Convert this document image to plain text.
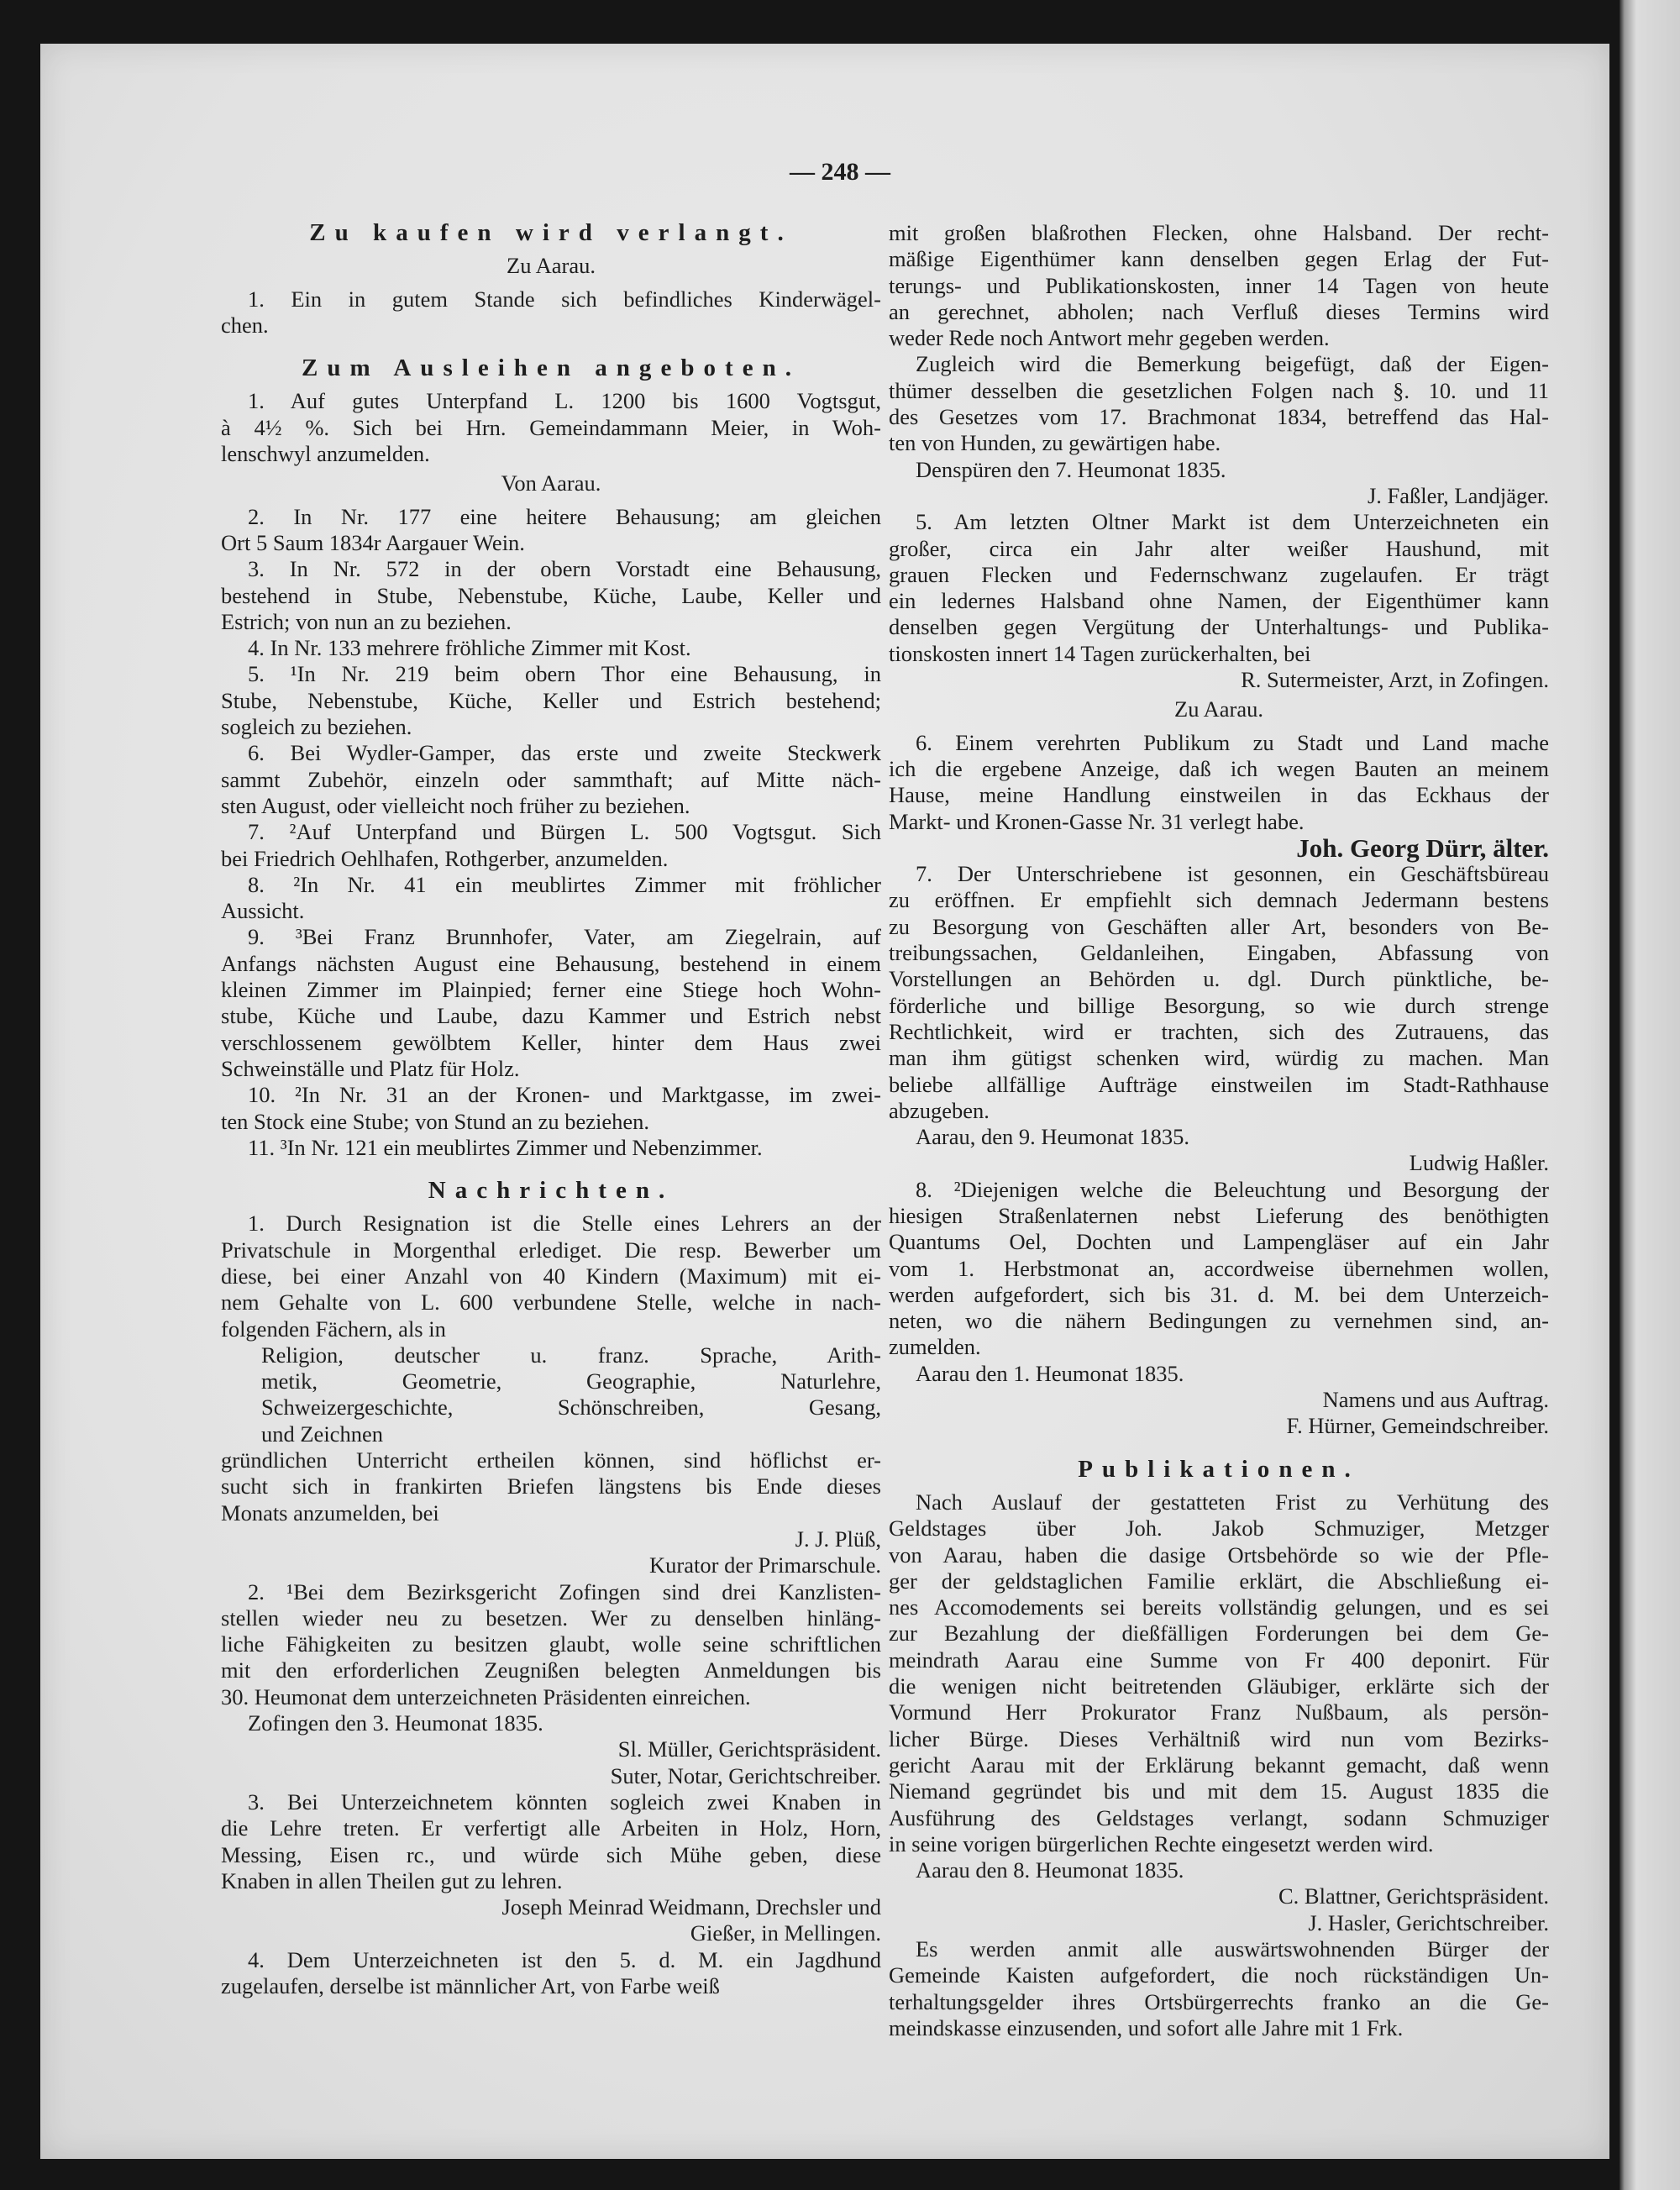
— 248 —
Zu kaufen wird verlangt.
Zu Aarau.
1. Ein in gutem Stande sich befindliches Kinderwägel-
chen.
Zum Ausleihen angeboten.
1. Auf gutes Unterpfand L. 1200 bis 1600 Vogtsgut,
à 4½ %. Sich bei Hrn. Gemeindammann Meier, in Woh-
lenschwyl anzumelden.
Von Aarau.
2. In Nr. 177 eine heitere Behausung; am gleichen
Ort 5 Saum 1834r Aargauer Wein.
3. In Nr. 572 in der obern Vorstadt eine Behausung,
bestehend in Stube, Nebenstube, Küche, Laube, Keller und
Estrich; von nun an zu beziehen.
4. In Nr. 133 mehrere fröhliche Zimmer mit Kost.
5. ¹In Nr. 219 beim obern Thor eine Behausung, in
Stube, Nebenstube, Küche, Keller und Estrich bestehend;
sogleich zu beziehen.
6. Bei Wydler-Gamper, das erste und zweite Steckwerk
sammt Zubehör, einzeln oder sammthaft; auf Mitte näch-
sten August, oder vielleicht noch früher zu beziehen.
7. ²Auf Unterpfand und Bürgen L. 500 Vogtsgut. Sich
bei Friedrich Oehlhafen, Rothgerber, anzumelden.
8. ²In Nr. 41 ein meublirtes Zimmer mit fröhlicher
Aussicht.
9. ³Bei Franz Brunnhofer, Vater, am Ziegelrain, auf
Anfangs nächsten August eine Behausung, bestehend in einem
kleinen Zimmer im Plainpied; ferner eine Stiege hoch Wohn-
stube, Küche und Laube, dazu Kammer und Estrich nebst
verschlossenem gewölbtem Keller, hinter dem Haus zwei
Schweinställe und Platz für Holz.
10. ²In Nr. 31 an der Kronen- und Marktgasse, im zwei-
ten Stock eine Stube; von Stund an zu beziehen.
11. ³In Nr. 121 ein meublirtes Zimmer und Nebenzimmer.
Nachrichten.
1. Durch Resignation ist die Stelle eines Lehrers an der
Privatschule in Morgenthal erlediget. Die resp. Bewerber um
diese, bei einer Anzahl von 40 Kindern (Maximum) mit ei-
nem Gehalte von L. 600 verbundene Stelle, welche in nach-
folgenden Fächern, als in
Religion, deutscher u. franz. Sprache, Arith-
metik, Geometrie, Geographie, Naturlehre,
Schweizergeschichte, Schönschreiben, Gesang,
und Zeichnen
gründlichen Unterricht ertheilen können, sind höflichst er-
sucht sich in frankirten Briefen längstens bis Ende dieses
Monats anzumelden, bei
J. J. Plüß,
Kurator der Primarschule.
2. ¹Bei dem Bezirksgericht Zofingen sind drei Kanzlisten-
stellen wieder neu zu besetzen. Wer zu denselben hinläng-
liche Fähigkeiten zu besitzen glaubt, wolle seine schriftlichen
mit den erforderlichen Zeugnißen belegten Anmeldungen bis
30. Heumonat dem unterzeichneten Präsidenten einreichen.
Zofingen den 3. Heumonat 1835.
Sl. Müller, Gerichtspräsident.
Suter, Notar, Gerichtschreiber.
3. Bei Unterzeichnetem könnten sogleich zwei Knaben in
die Lehre treten. Er verfertigt alle Arbeiten in Holz, Horn,
Messing, Eisen rc., und würde sich Mühe geben, diese
Knaben in allen Theilen gut zu lehren.
Joseph Meinrad Weidmann, Drechsler und
Gießer, in Mellingen.
4. Dem Unterzeichneten ist den 5. d. M. ein Jagdhund
zugelaufen, derselbe ist männlicher Art, von Farbe weiß
mit großen blaßrothen Flecken, ohne Halsband. Der recht-
mäßige Eigenthümer kann denselben gegen Erlag der Fut-
terungs- und Publikationskosten, inner 14 Tagen von heute
an gerechnet, abholen; nach Verfluß dieses Termins wird
weder Rede noch Antwort mehr gegeben werden.
Zugleich wird die Bemerkung beigefügt, daß der Eigen-
thümer desselben die gesetzlichen Folgen nach §. 10. und 11
des Gesetzes vom 17. Brachmonat 1834, betreffend das Hal-
ten von Hunden, zu gewärtigen habe.
Denspüren den 7. Heumonat 1835.
J. Faßler, Landjäger.
5. Am letzten Oltner Markt ist dem Unterzeichneten ein
großer, circa ein Jahr alter weißer Haushund, mit
grauen Flecken und Federnschwanz zugelaufen. Er trägt
ein ledernes Halsband ohne Namen, der Eigenthümer kann
denselben gegen Vergütung der Unterhaltungs- und Publika-
tionskosten innert 14 Tagen zurückerhalten, bei
R. Sutermeister, Arzt, in Zofingen.
Zu Aarau.
6. Einem verehrten Publikum zu Stadt und Land mache
ich die ergebene Anzeige, daß ich wegen Bauten an meinem
Hause, meine Handlung einstweilen in das Eckhaus der
Markt- und Kronen-Gasse Nr. 31 verlegt habe.
Joh. Georg Dürr, älter.
7. Der Unterschriebene ist gesonnen, ein Geschäftsbüreau
zu eröffnen. Er empfiehlt sich demnach Jedermann bestens
zu Besorgung von Geschäften aller Art, besonders von Be-
treibungssachen, Geldanleihen, Eingaben, Abfassung von
Vorstellungen an Behörden u. dgl. Durch pünktliche, be-
förderliche und billige Besorgung, so wie durch strenge
Rechtlichkeit, wird er trachten, sich des Zutrauens, das
man ihm gütigst schenken wird, würdig zu machen. Man
beliebe allfällige Aufträge einstweilen im Stadt-Rathhause
abzugeben.
Aarau, den 9. Heumonat 1835.
Ludwig Haßler.
8. ²Diejenigen welche die Beleuchtung und Besorgung der
hiesigen Straßenlaternen nebst Lieferung des benöthigten
Quantums Oel, Dochten und Lampengläser auf ein Jahr
vom 1. Herbstmonat an, accordweise übernehmen wollen,
werden aufgefordert, sich bis 31. d. M. bei dem Unterzeich-
neten, wo die nähern Bedingungen zu vernehmen sind, an-
zumelden.
Aarau den 1. Heumonat 1835.
Namens und aus Auftrag.
F. Hürner, Gemeindschreiber.
Publikationen.
Nach Auslauf der gestatteten Frist zu Verhütung des
Geldstages über Joh. Jakob Schmuziger, Metzger
von Aarau, haben die dasige Ortsbehörde so wie der Pfle-
ger der geldstaglichen Familie erklärt, die Abschließung ei-
nes Accomodements sei bereits vollständig gelungen, und es sei
zur Bezahlung der dießfälligen Forderungen bei dem Ge-
meindrath Aarau eine Summe von Fr 400 deponirt. Für
die wenigen nicht beitretenden Gläubiger, erklärte sich der
Vormund Herr Prokurator Franz Nußbaum, als persön-
licher Bürge. Dieses Verhältniß wird nun vom Bezirks-
gericht Aarau mit der Erklärung bekannt gemacht, daß wenn
Niemand gegründet bis und mit dem 15. August 1835 die
Ausführung des Geldstages verlangt, sodann Schmuziger
in seine vorigen bürgerlichen Rechte eingesetzt werden wird.
Aarau den 8. Heumonat 1835.
C. Blattner, Gerichtspräsident.
J. Hasler, Gerichtschreiber.
Es werden anmit alle auswärtswohnenden Bürger der
Gemeinde Kaisten aufgefordert, die noch rückständigen Un-
terhaltungsgelder ihres Ortsbürgerrechts franko an die Ge-
meindskasse einzusenden, und sofort alle Jahre mit 1 Frk.
